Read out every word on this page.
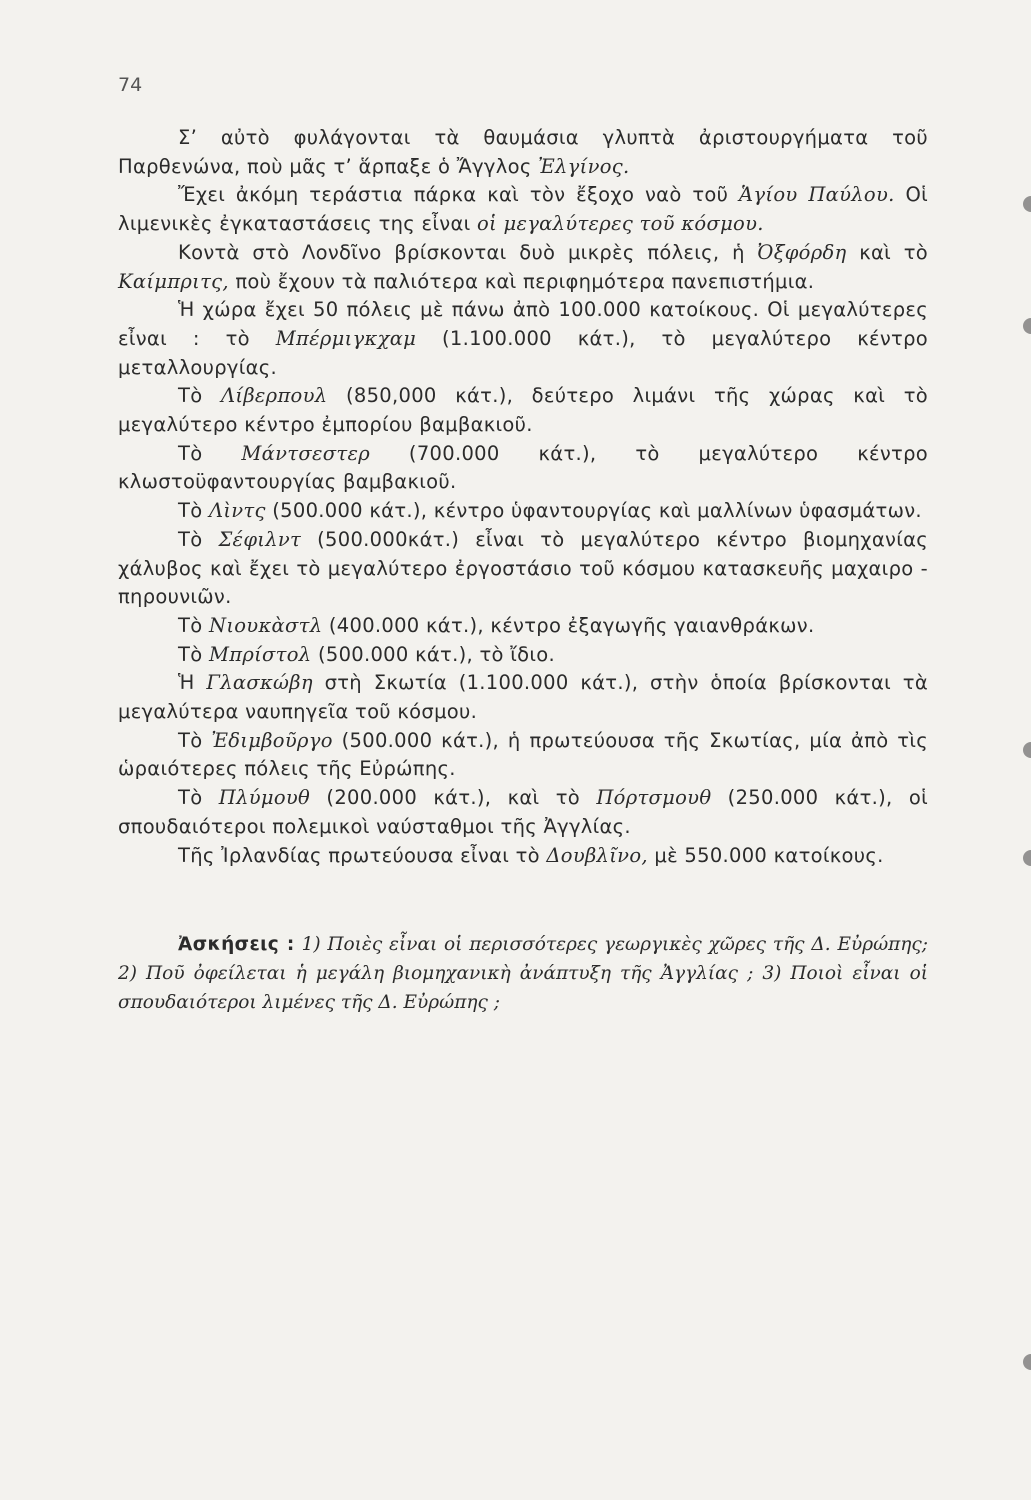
74

Σ’ αὐτὸ φυλάγονται τὰ θαυμάσια γλυπτὰ ἀριστουργήματα τοῦ Παρθενώνα, ποὺ μᾶς τ’ ἅρπαξε ὁ Ἄγγλος Ἐλγίνος.

Ἔχει ἀκόμη τεράστια πάρκα καὶ τὸν ἔξοχο ναὸ τοῦ Ἁγίου Παύλου. Οἱ λιμενικὲς ἐγκαταστάσεις της εἶναι οἱ μεγαλύτερες τοῦ κόσμου.

Κοντὰ στὸ Λονδῖνο βρίσκονται δυὸ μικρὲς πόλεις, ἡ Ὀξφόρδη καὶ τὸ Καίμπριτς, ποὺ ἔχουν τὰ παλιότερα καὶ περιφημότερα πανεπιστήμια.

Ἡ χώρα ἔχει 50 πόλεις μὲ πάνω ἀπὸ 100.000 κατοίκους. Οἱ μεγαλύτερες εἶναι : τὸ Μπέρμιγκχαμ (1.100.000 κάτ.), τὸ μεγαλύτερο κέντρο μεταλλουργίας.

Τὸ Λίβερπουλ (850,000 κάτ.), δεύτερο λιμάνι τῆς χώρας καὶ τὸ μεγαλύτερο κέντρο ἐμπορίου βαμβακιοῦ.

Τὸ Μάντσεστερ (700.000 κάτ.), τὸ μεγαλύτερο κέντρο κλωστοϋφαντουργίας βαμβακιοῦ.

Τὸ Λὶντς (500.000 κάτ.), κέντρο ὑφαντουργίας καὶ μαλλίνων ὑφασμάτων.

Τὸ Σέφιλντ (500.000κάτ.) εἶναι τὸ μεγαλύτερο κέντρο βιομηχανίας χάλυβος καὶ ἔχει τὸ μεγαλύτερο ἐργοστάσιο τοῦ κόσμου κατασκευῆς μαχαιρο - πηρουνιῶν.

Τὸ Νιουκὰστλ (400.000 κάτ.), κέντρο ἐξαγωγῆς γαιανθράκων.

Τὸ Μπρίστολ (500.000 κάτ.), τὸ ἴδιο.

Ἡ Γλασκώβη στὴ Σκωτία (1.100.000 κάτ.), στὴν ὁποία βρίσκονται τὰ μεγαλύτερα ναυπηγεῖα τοῦ κόσμου.

Τὸ Ἐδιμβοῦργο (500.000 κάτ.), ἡ πρωτεύουσα τῆς Σκωτίας, μία ἀπὸ τὶς ὡραιότερες πόλεις τῆς Εὐρώπης.

Τὸ Πλύμουθ (200.000 κάτ.), καὶ τὸ Πόρτσμουθ (250.000 κάτ.), οἱ σπουδαιότεροι πολεμικοὶ ναύσταθμοι τῆς Ἀγγλίας.

Τῆς Ἰρλανδίας πρωτεύουσα εἶναι τὸ Δουβλῖνο, μὲ 550.000 κατοίκους.

Ἀσκήσεις : 1) Ποιὲς εἶναι οἱ περισσότερες γεωργικὲς χῶρες τῆς Δ. Εὐρώπης; 2) Ποῦ ὀφείλεται ἡ μεγάλη βιομηχανικὴ ἀνάπτυξη τῆς Ἀγγλίας ; 3) Ποιοὶ εἶναι οἱ σπουδαιότεροι λιμένες τῆς Δ. Εὐρώπης ;
